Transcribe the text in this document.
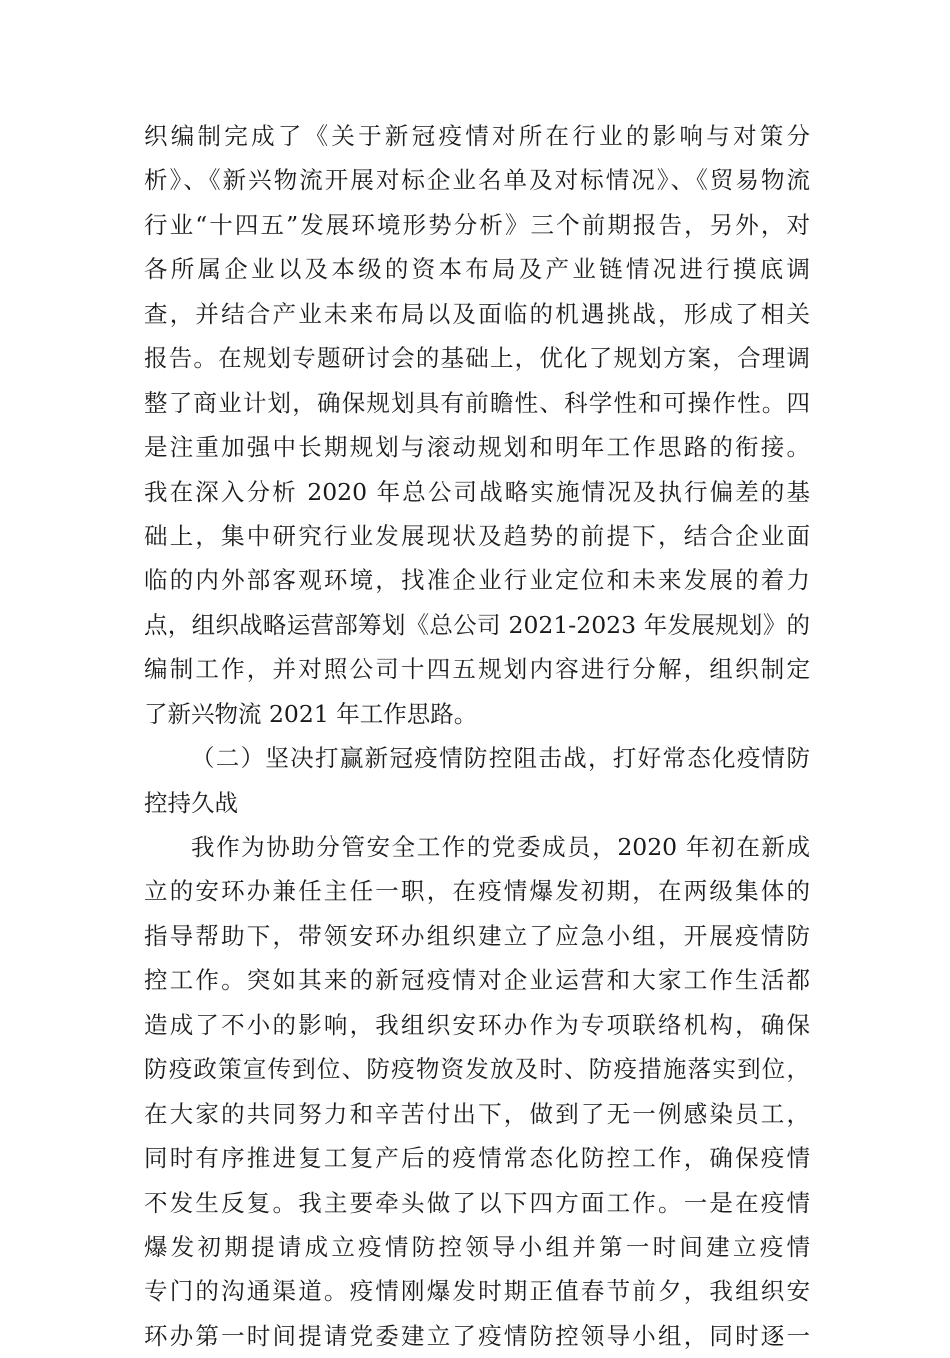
织编制完成了《关于新冠疫情对所在行业的影响与对策分
析》、《新兴物流开展对标企业名单及对标情况》、《贸易物流
行业“十四五”发展环境形势分析》三个前期报告，另外，对
各所属企业以及本级的资本布局及产业链情况进行摸底调
查，并结合产业未来布局以及面临的机遇挑战，形成了相关
报告。在规划专题研讨会的基础上，优化了规划方案，合理调
整了商业计划，确保规划具有前瞻性、科学性和可操作性。四
是注重加强中长期规划与滚动规划和明年工作思路的衔接。
我在深入分析 2020 年总公司战略实施情况及执行偏差的基
础上，集中研究行业发展现状及趋势的前提下，结合企业面
临的内外部客观环境，找准企业行业定位和未来发展的着力
点，组织战略运营部筹划《总公司 2021-2023 年发展规划》的
编制工作，并对照公司十四五规划内容进行分解，组织制定
了新兴物流 2021 年工作思路。
（二）坚决打赢新冠疫情防控阻击战，打好常态化疫情防
控持久战
我作为协助分管安全工作的党委成员，2020 年初在新成
立的安环办兼任主任一职，在疫情爆发初期，在两级集体的
指导帮助下，带领安环办组织建立了应急小组，开展疫情防
控工作。突如其来的新冠疫情对企业运营和大家工作生活都
造成了不小的影响，我组织安环办作为专项联络机构，确保
防疫政策宣传到位、防疫物资发放及时、防疫措施落实到位，
在大家的共同努力和辛苦付出下，做到了无一例感染员工，
同时有序推进复工复产后的疫情常态化防控工作，确保疫情
不发生反复。我主要牵头做了以下四方面工作。一是在疫情
爆发初期提请成立疫情防控领导小组并第一时间建立疫情
专门的沟通渠道。疫情刚爆发时期正值春节前夕，我组织安
环办第一时间提请党委建立了疫情防控领导小组，同时逐一
